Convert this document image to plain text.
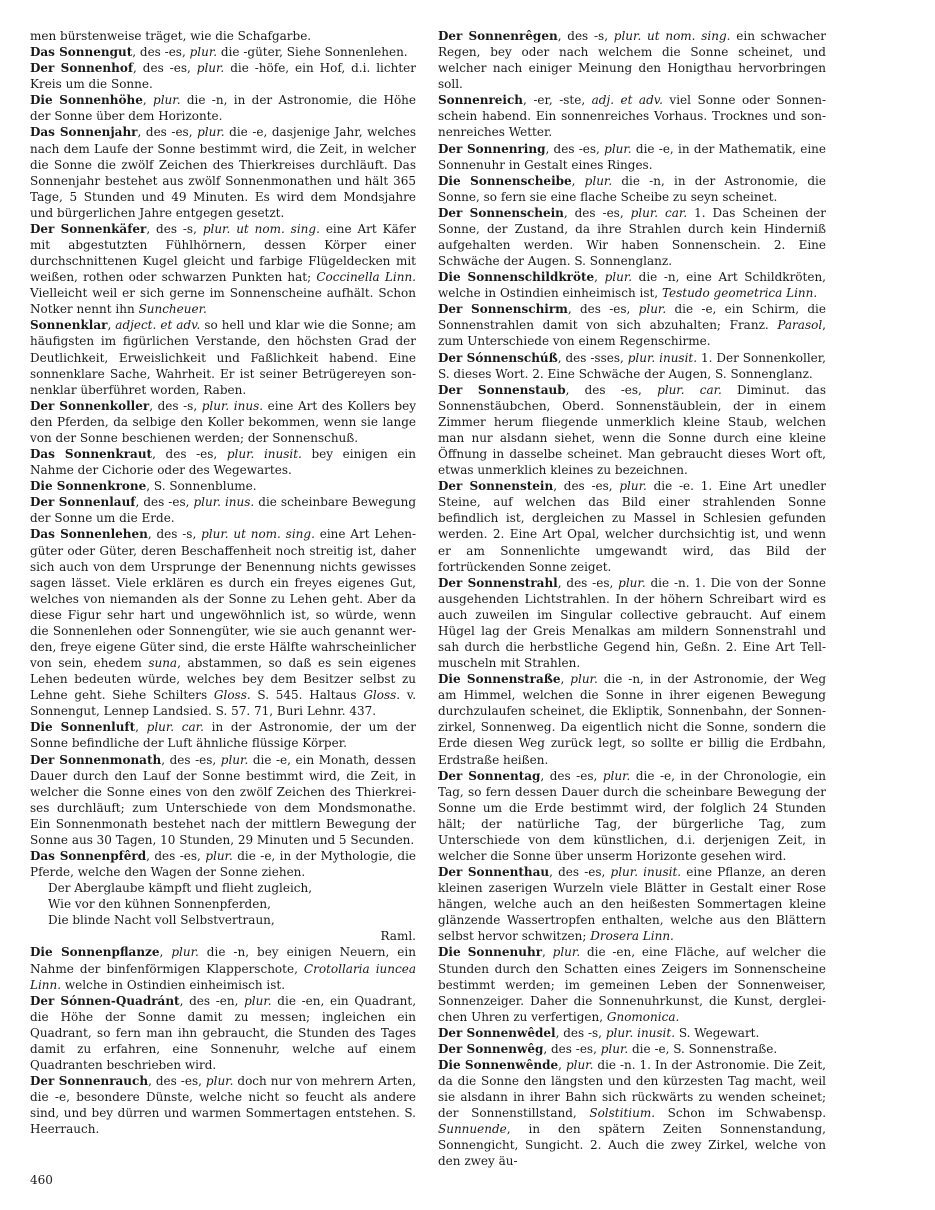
men bürstenweise träget, wie die Schafgarbe.

Das Sonnengut, des -es, plur. die -güter, Siehe Sonnenlehen.

Der Sonnenhof, des -es, plur. die -höfe, ein Hof, d.i. lichter Kreis um die Sonne.

Die Sonnenhöhe, plur. die -n, in der Astronomie, die Höhe der Sonne über dem Horizonte.

Das Sonnenjahr, des -es, plur. die -e, dasjenige Jahr, welches nach dem Laufe der Sonne bestimmt wird, die Zeit, in welcher die Sonne die zwölf Zeichen des Thierkreises durchläuft. Das Sonnenjahr bestehet aus zwölf Sonnenmonathen und hält 365 Tage, 5 Stunden und 49 Minuten. Es wird dem Mondsjahre und bürgerlichen Jahre entgegen gesetzt.

Der Sonnenkäfer, des -s, plur. ut nom. sing. eine Art Käfer mit abgestutzten Fühlhörnern, dessen Körper einer durchschnittenen Kugel gleicht und farbige Flügeldecken mit weißen, rothen oder schwarzen Punkten hat; Coccinella Linn. Vielleicht weil er sich gerne im Sonnenscheine aufhält. Schon Notker nennt ihn Suncheuer.

Sonnenklar, adject. et adv. so hell und klar wie die Sonne; am häufigsten im figürlichen Verstande, den höchsten Grad der Deutlichkeit, Erweislichkeit und Faßlichkeit habend. Eine sonnenklare Sache, Wahrheit. Er ist seiner Betrügereyen sonnenklar überführet worden, Raben.

Der Sonnenkoller, des -s, plur. inus. eine Art des Kollers bey den Pferden, da selbige den Koller bekommen, wenn sie lange von der Sonne beschienen werden; der Sonnenschuß.

Das Sonnenkraut, des -es, plur. inusit. bey einigen ein Nahme der Cichorie oder des Wegewartes.

Die Sonnenkrone, S. Sonnenblume.

Der Sonnenlauf, des -es, plur. inus. die scheinbare Bewegung der Sonne um die Erde.

Das Sonnenlehen, des -s, plur. ut nom. sing. eine Art Lehengüter oder Güter, deren Beschaffenheit noch streitig ist, daher sich auch von dem Ursprunge der Benennung nichts gewisses sagen lässet. Viele erklären es durch ein freyes eigenes Gut, welches von niemanden als der Sonne zu Lehen geht. Aber da diese Figur sehr hart und ungewöhnlich ist, so würde, wenn die Sonnenlehen oder Sonnengüter, wie sie auch genannt werden, freye eigene Güter sind, die erste Hälfte wahrscheinlicher von sein, ehedem suna, abstammen, so daß es sein eigenes Lehen bedeuten würde, welches bey dem Besitzer selbst zu Lehne geht. Siehe Schilters Gloss. S. 545. Haltaus Gloss. v. Sonnengut, Lennep Landsied. S. 57. 71, Buri Lehnr. 437.

Die Sonnenluft, plur. car. in der Astronomie, der um der Sonne befindliche der Luft ähnliche flüssige Körper.

Der Sonnenmonath, des -es, plur. die -e, ein Monath, dessen Dauer durch den Lauf der Sonne bestimmt wird, die Zeit, in welcher die Sonne eines von den zwölf Zeichen des Thierkreises durchläuft; zum Unterschiede von dem Mondsmonathe. Ein Sonnenmonath bestehet nach der mittlern Bewegung der Sonne aus 30 Tagen, 10 Stunden, 29 Minuten und 5 Secunden.

Das Sonnenpfêrd, des -es, plur. die -e, in der Mythologie, die Pferde, welche den Wagen der Sonne ziehen.

Der Aberglaube kämpft und flieht zugleich,

Wie vor den kühnen Sonnenpferden,

Die blinde Nacht voll Selbstvertraun,

Raml.

Die Sonnenpflanze, plur. die -n, bey einigen Neuern, ein Nahme der binfenförmigen Klapperschote, Crotollaria iuncea Linn. welche in Ostindien einheimisch ist.

Der Sónnen-Quadránt, des -en, plur. die -en, ein Quadrant, die Höhe der Sonne damit zu messen; ingleichen ein Quadrant, so fern man ihn gebraucht, die Stunden des Tages damit zu erfahren, eine Sonnenuhr, welche auf einem Quadranten beschrieben wird.

Der Sonnenrauch, des -es, plur. doch nur von mehrern Arten, die -e, besondere Dünste, welche nicht so feucht als andere sind, und bey dürren und warmen Sommertagen entstehen. S. Heerrauch.

Der Sonnenrêgen, des -s, plur. ut nom. sing. ein schwacher Regen, bey oder nach welchem die Sonne scheinet, und welcher nach einiger Meinung den Honigthau hervorbringen soll.

Sonnenreich, -er, -ste, adj. et adv. viel Sonne oder Sonnenschein habend. Ein sonnenreiches Vorhaus. Trocknes und sonnenreiches Wetter.

Der Sonnenring, des -es, plur. die -e, in der Mathematik, eine Sonnenuhr in Gestalt eines Ringes.

Die Sonnenscheibe, plur. die -n, in der Astronomie, die Sonne, so fern sie eine flache Scheibe zu seyn scheinet.

Der Sonnenschein, des -es, plur. car. 1. Das Scheinen der Sonne, der Zustand, da ihre Strahlen durch kein Hinderniß aufgehalten werden. Wir haben Sonnenschein. 2. Eine Schwäche der Augen. S. Sonnenglanz.

Die Sonnenschildkröte, plur. die -n, eine Art Schildkröten, welche in Ostindien einheimisch ist, Testudo geometrica Linn.

Der Sonnenschirm, des -es, plur. die -e, ein Schirm, die Sonnenstrahlen damit von sich abzuhalten; Franz. Parasol, zum Unterschiede von einem Regenschirme.

Der Sónnenschúß, des -sses, plur. inusit. 1. Der Sonnenkoller, S. dieses Wort. 2. Eine Schwäche der Augen, S. Sonnenglanz.

Der Sonnenstaub, des -es, plur. car. Diminut. das Sonnenstäubchen, Oberd. Sonnenstäublein, der in einem Zimmer herum fliegende unmerklich kleine Staub, welchen man nur alsdann siehet, wenn die Sonne durch eine kleine Öffnung in dasselbe scheinet. Man gebraucht dieses Wort oft, etwas unmerklich kleines zu bezeichnen.

Der Sonnenstein, des -es, plur. die -e. 1. Eine Art unedler Steine, auf welchen das Bild einer strahlenden Sonne befindlich ist, dergleichen zu Massel in Schlesien gefunden werden. 2. Eine Art Opal, welcher durchsichtig ist, und wenn er am Sonnenlichte umgewandt wird, das Bild der fortrückenden Sonne zeiget.

Der Sonnenstrahl, des -es, plur. die -n. 1. Die von der Sonne ausgehenden Lichtstrahlen. In der höhern Schreibart wird es auch zuweilen im Singular collective gebraucht. Auf einem Hügel lag der Greis Menalkas am mildern Sonnenstrahl und sah durch die herbstliche Gegend hin, Geßn. 2. Eine Art Tellmuscheln mit Strahlen.

Die Sonnenstraße, plur. die -n, in der Astronomie, der Weg am Himmel, welchen die Sonne in ihrer eigenen Bewegung durchzulaufen scheinet, die Ekliptik, Sonnenbahn, der Sonnenzirkel, Sonnenweg. Da eigentlich nicht die Sonne, sondern die Erde diesen Weg zurück legt, so sollte er billig die Erdbahn, Erdstraße heißen.

Der Sonnentag, des -es, plur. die -e, in der Chronologie, ein Tag, so fern dessen Dauer durch die scheinbare Bewegung der Sonne um die Erde bestimmt wird, der folglich 24 Stunden hält; der natürliche Tag, der bürgerliche Tag, zum Unterschiede von dem künstlichen, d.i. derjenigen Zeit, in welcher die Sonne über unserm Horizonte gesehen wird.

Der Sonnenthau, des -es, plur. inusit. eine Pflanze, an deren kleinen zaserigen Wurzeln viele Blätter in Gestalt einer Rose hängen, welche auch an den heißesten Sommertagen kleine glänzende Wassertropfen enthalten, welche aus den Blättern selbst hervor schwitzen; Drosera Linn.

Die Sonnenuhr, plur. die -en, eine Fläche, auf welcher die Stunden durch den Schatten eines Zeigers im Sonnenscheine bestimmt werden; im gemeinen Leben der Sonnenweiser, Sonnenzeiger. Daher die Sonnenuhrkunst, die Kunst, dergleichen Uhren zu verfertigen, Gnomonica.

Der Sonnenwêdel, des -s, plur. inusit. S. Wegewart.

Der Sonnenwêg, des -es, plur. die -e, S. Sonnenstraße.

Die Sonnenwênde, plur. die -n. 1. In der Astronomie. Die Zeit, da die Sonne den längsten und den kürzesten Tag macht, weil sie alsdann in ihrer Bahn sich rückwärts zu wenden scheinet; der Sonnenstillstand, Solstitium. Schon im Schwabensp. Sunnuende, in den spätern Zeiten Sonnenstandung, Sonnengicht, Sungicht. 2. Auch die zwey Zirkel, welche von den zwey äu-

460
